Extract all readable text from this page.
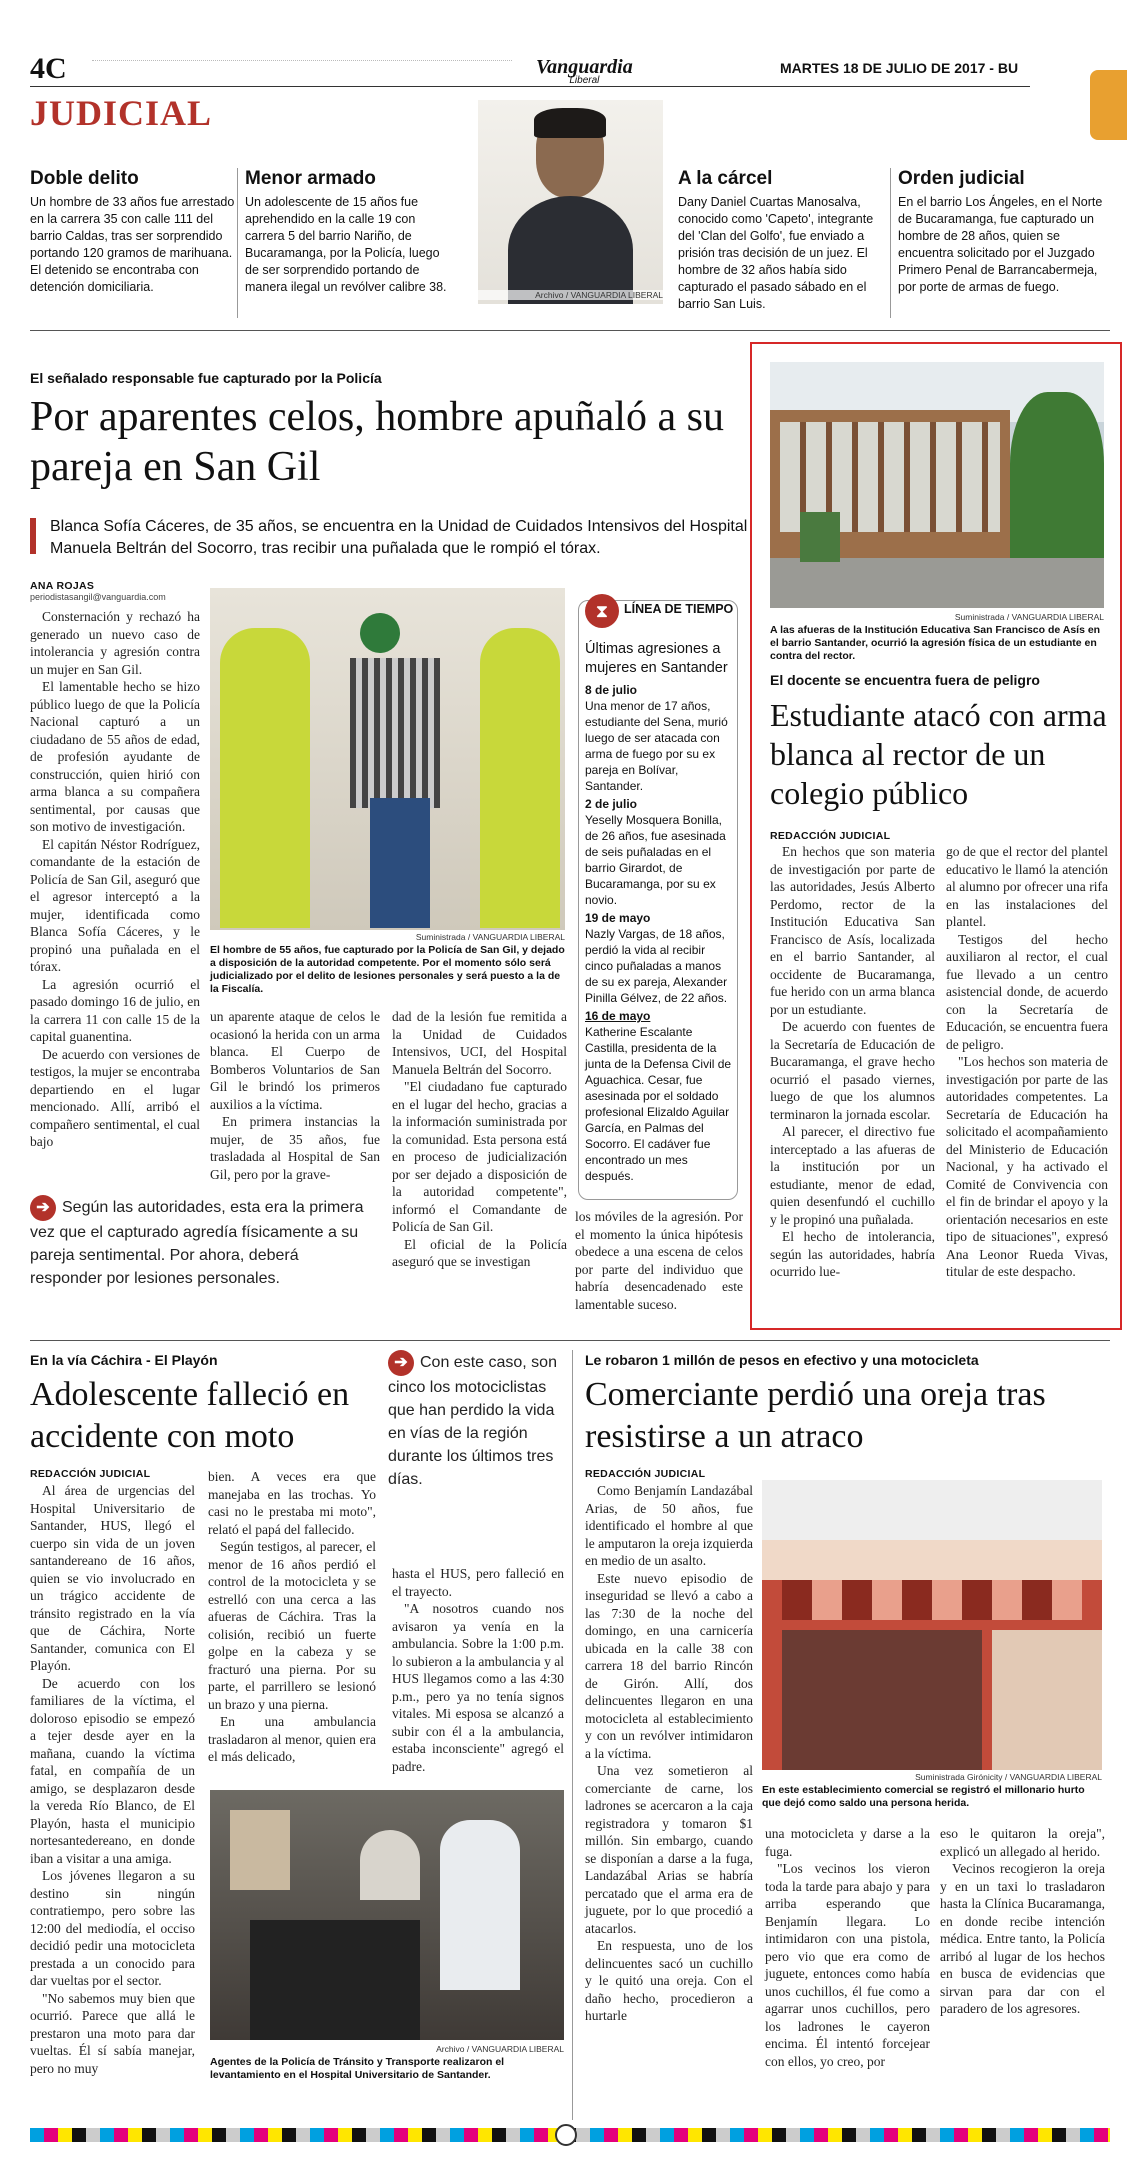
4C	Vanguardia
Liberal
MARTES 18 DE JULIO DE 2017 - BU
JUDICIAL
Doble delito
Un hombre de 33 años fue arrestado en la carrera 35 con calle 111 del barrio Caldas, tras ser sorprendido portando 120 gramos de marihuana. El detenido se encontraba con detención domiciliaria.
Menor armado
Un adolescente de 15 años fue aprehendido en la calle 19 con carrera 5 del barrio Nariño, de Bucaramanga, por la Policía, luego de ser sorprendido portando de manera ilegal un revólver calibre 38.
Archivo / VANGUARDIA LIBERAL
A la cárcel
Dany Daniel Cuartas Manosalva, conocido como 'Capeto', integrante del 'Clan del Golfo', fue enviado a prisión tras decisión de un juez. El hombre de 32 años había sido capturado el pasado sábado en el barrio San Luis.
Orden judicial
En el barrio Los Ángeles, en el Norte de Bucaramanga, fue capturado un hombre de 28 años, quien se encuentra solicitado por el Juzgado Primero Penal de Barrancabermeja, por porte de armas de fuego.
El señalado responsable fue capturado por la Policía
Por aparentes celos, hombre apuñaló a su pareja en San Gil
Blanca Sofía Cáceres, de 35 años, se encuentra en la Unidad de Cuidados Intensivos del Hospital Manuela Beltrán del Socorro, tras recibir una puñalada que le rompió el tórax.
ANA ROJAS
periodistasangil@vanguardia.com

Consternación y rechazó ha generado un nuevo caso de intolerancia y agresión contra un mujer en San Gil.

El lamentable hecho se hizo público luego de que la Policía Nacional capturó a un ciudadano de 55 años de edad, de profesión ayudante de construcción, quien hirió con arma blanca a su compañera sentimental, por causas que son motivo de investigación.

El capitán Néstor Rodríguez, comandante de la estación de Policía de San Gil, aseguró que el agresor interceptó a la mujer, identificada como Blanca Sofía Cáceres, y le propinó una puñalada en el tórax.

La agresión ocurrió el pasado domingo 16 de julio, en la carrera 11 con calle 15 de la capital guanentina.

De acuerdo con versiones de testigos, la mujer se encontraba departiendo en el lugar mencionado. Allí, arribó el compañero sentimental, el cual bajo

Suministrada / VANGUARDIA LIBERAL
El hombre de 55 años, fue capturado por la Policía de San Gil, y dejado a disposición de la autoridad competente. Por el momento sólo será judicializado por el delito de lesiones personales y será puesto a la de la Fiscalía.

un aparente ataque de celos le ocasionó la herida con un arma blanca. El Cuerpo de Bomberos Voluntarios de San Gil le brindó los primeros auxilios a la víctima.

En primera instancias la mujer, de 35 años, fue trasladada al Hospital de San Gil, pero por la grave-

dad de la lesión fue remitida a la Unidad de Cuidados Intensivos, UCI, del Hospital Manuela Beltrán del Socorro.

"El ciudadano fue capturado en el lugar del hecho, gracias a la información suministrada por la comunidad. Esta persona está en proceso de judicialización por ser dejado a disposición de la autoridad competente", informó el Comandante de Policía de San Gil.

El oficial de la Policía aseguró que se investigan

⧗	LÍNEA DE TIEMPO
Últimas agresiones a mujeres en Santander
8 de julio
Una menor de 17 años, estudiante del Sena, murió luego de ser atacada con arma de fuego por su ex pareja en Bolívar, Santander.
2 de julio
Yeselly Mosquera Bonilla, de 26 años, fue asesinada de seis puñaladas en el barrio Girardot, de Bucaramanga, por su ex novio.
19 de mayo
Nazly Vargas, de 18 años, perdió la vida al recibir cinco puñaladas a manos de su ex pareja, Alexander Pinilla Gélvez, de 22 años.
16 de mayo
Katherine Escalante Castilla, presidenta de la junta de la Defensa Civil de Aguachica. Cesar, fue asesinada por el soldado profesional Elizaldo Aguilar García, en Palmas del Socorro. El cadáver fue encontrado un mes después.

los móviles de la agresión. Por el momento la única hipótesis obedece a una escena de celos por parte del individuo que habría desencadenado este lamentable suceso.

➔ Según las autoridades, esta era la primera vez que el capturado agredía físicamente a su pareja sentimental. Por ahora, deberá responder por lesiones personales.
Suministrada / VANGUARDIA LIBERAL
A las afueras de la Institución Educativa San Francisco de Asís en el barrio Santander, ocurrió la agresión física de un estudiante en contra del rector.
El docente se encuentra fuera de peligro
Estudiante atacó con arma blanca al rector de un colegio público
REDACCIÓN JUDICIAL

En hechos que son materia de investigación por parte de las autoridades, Jesús Alberto Perdomo, rector de la Institución Educativa San Francisco de Asís, localizada en el barrio Santander, al occidente de Bucaramanga, fue herido con un arma blanca por un estudiante.

De acuerdo con fuentes de la Secretaría de Educación de Bucaramanga, el grave hecho ocurrió el pasado viernes, luego de que los alumnos terminaron la jornada escolar.

Al parecer, el directivo fue interceptado a las afueras de la institución por un estudiante, menor de edad, quien desenfundó el cuchillo y le propinó una puñalada.

El hecho de intolerancia, según las autoridades, habría ocurrido lue-

go de que el rector del plantel educativo le llamó la atención al alumno por ofrecer una rifa en las instalaciones del plantel.

Testigos del hecho auxiliaron al rector, el cual fue llevado a un centro asistencial donde, de acuerdo con la Secretaría de Educación, se encuentra fuera de peligro.

"Los hechos son materia de investigación por parte de las autoridades competentes. La Secretaría de Educación ha solicitado el acompañamiento del Ministerio de Educación Nacional, y ha activado el Comité de Convivencia con el fin de brindar el apoyo y la orientación necesarios en este tipo de situaciones", expresó Ana Leonor Rueda Vivas, titular de este despacho.

En la vía Cáchira - El Playón
Adolescente falleció en accidente con moto
REDACCIÓN JUDICIAL

Al área de urgencias del Hospital Universitario de Santander, HUS, llegó el cuerpo sin vida de un joven santandereano de 16 años, quien se vio involucrado en un trágico accidente de tránsito registrado en la vía que de Cáchira, Norte Santander, comunica con El Playón.

De acuerdo con los familiares de la víctima, el doloroso episodio se empezó a tejer desde ayer en la mañana, cuando la víctima fatal, en compañía de un amigo, se desplazaron desde la vereda Río Blanco, de El Playón, hasta el municipio nortesantedereano, en donde iban a visitar a una amiga.

Los jóvenes llegaron a su destino sin ningún contratiempo, pero sobre las 12:00 del mediodía, el occiso decidió pedir una motocicleta prestada a un conocido para dar vueltas por el sector.

"No sabemos muy bien que ocurrió. Parece que allá le prestaron una moto para dar vueltas. Él sí sabía manejar, pero no muy

bien. A veces era que manejaba en las trochas. Yo casi no le prestaba mi moto", relató el papá del fallecido.

Según testigos, al parecer, el menor de 16 años perdió el control de la motocicleta y se estrelló con una cerca a las afueras de Cáchira. Tras la colisión, recibió un fuerte golpe en la cabeza y se fracturó una pierna. Por su parte, el parrillero se lesionó un brazo y una pierna.

En una ambulancia trasladaron al menor, quien era el más delicado,

➔ Con este caso, son cinco los motociclistas que han perdido la vida en vías de la región durante los últimos tres días.

hasta el HUS, pero falleció en el trayecto.

"A nosotros cuando nos avisaron ya venía en la ambulancia. Sobre la 1:00 p.m. lo subieron a la ambulancia y al HUS llegamos como a las 4:30 p.m., pero ya no tenía signos vitales. Mi esposa se alcanzó a subir con él a la ambulancia, estaba inconsciente" agregó el padre.

Archivo / VANGUARDIA LIBERAL
Agentes de la Policía de Tránsito y Transporte realizaron el levantamiento en el Hospital Universitario de Santander.
Le robaron 1 millón de pesos en efectivo y una motocicleta
Comerciante perdió una oreja tras resistirse a un atraco
REDACCIÓN JUDICIAL

Como Benjamín Landazábal Arias, de 50 años, fue identificado el hombre al que le amputaron la oreja izquierda en medio de un asalto.

Este nuevo episodio de inseguridad se llevó a cabo a las 7:30 de la noche del domingo, en una carnicería ubicada en la calle 38 con carrera 18 del barrio Rincón de Girón. Allí, dos delincuentes llegaron en una motocicleta al establecimiento y con un revólver intimidaron a la víctima.

Una vez sometieron al comerciante de carne, los ladrones se acercaron a la caja registradora y tomaron $1 millón. Sin embargo, cuando se disponían a darse a la fuga, Landazábal Arias se habría percatado que el arma era de juguete, por lo que procedió a atacarlos.

En respuesta, uno de los delincuentes sacó un cuchillo y le quitó una oreja. Con el daño hecho, procedieron a hurtarle

Suministrada Girónicity / VANGUARDIA LIBERAL
En este establecimiento comercial se registró el millonario hurto que dejó como saldo una persona herida.

una motocicleta y darse a la fuga.

"Los vecinos los vieron toda la tarde para abajo y para arriba esperando que Benjamín llegara. Lo intimidaron con una pistola, pero vio que era como de juguete, entonces como había unos cuchillos, él fue como a agarrar unos cuchillos, pero los ladrones le cayeron encima. Él intentó forcejear con ellos, yo creo, por

eso le quitaron la oreja", explicó un allegado al herido.

Vecinos recogieron la oreja y en un taxi lo trasladaron hasta la Clínica Bucaramanga, en donde recibe intención médica. Entre tanto, la Policía arribó al lugar de los hechos en busca de evidencias que sirvan para dar con el paradero de los agresores.
